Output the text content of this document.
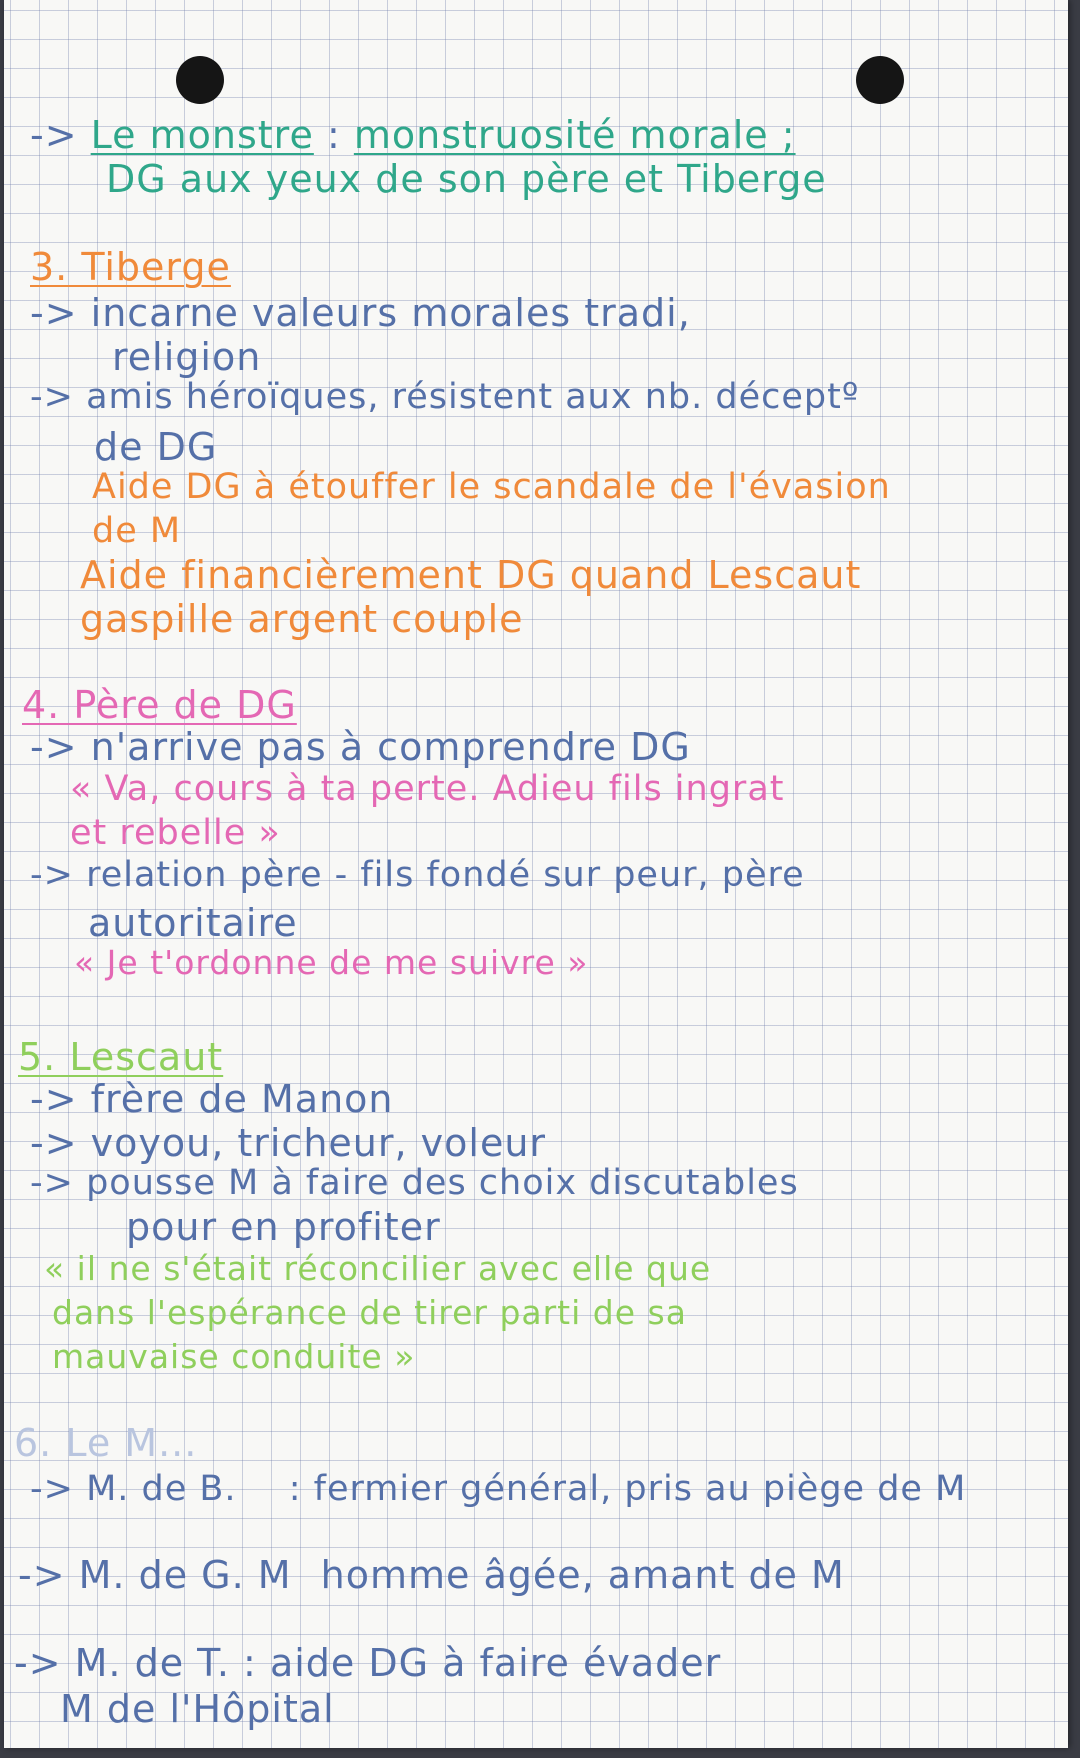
-> Le monstre : monstruosité morale ;
DG aux yeux de son père et Tiberge
3. Tiberge
-> incarne valeurs morales tradi,
religion
-> amis héroïques, résistent aux nb. déceptº
de DG
Aide DG à étouffer le scandale de l'évasion
de M
Aide financièrement DG quand Lescaut
gaspille argent couple
4. Père de DG
-> n'arrive pas à comprendre DG
« Va, cours à ta perte. Adieu fils ingrat
et rebelle »
-> relation père - fils fondé sur peur, père
autoritaire
« Je t'ordonne de me suivre »
5. Lescaut
-> frère de Manon
-> voyou, tricheur, voleur
-> pousse M à faire des choix discutables
pour en profiter
« il ne s'était réconcilier avec elle que
dans l'espérance de tirer parti de sa
mauvaise conduite »
6. Le M...
-> M. de B. : fermier général, pris au piège de M
-> M. de G. M homme âgée, amant de M
-> M. de T. : aide DG à faire évader
M de l'Hôpital
